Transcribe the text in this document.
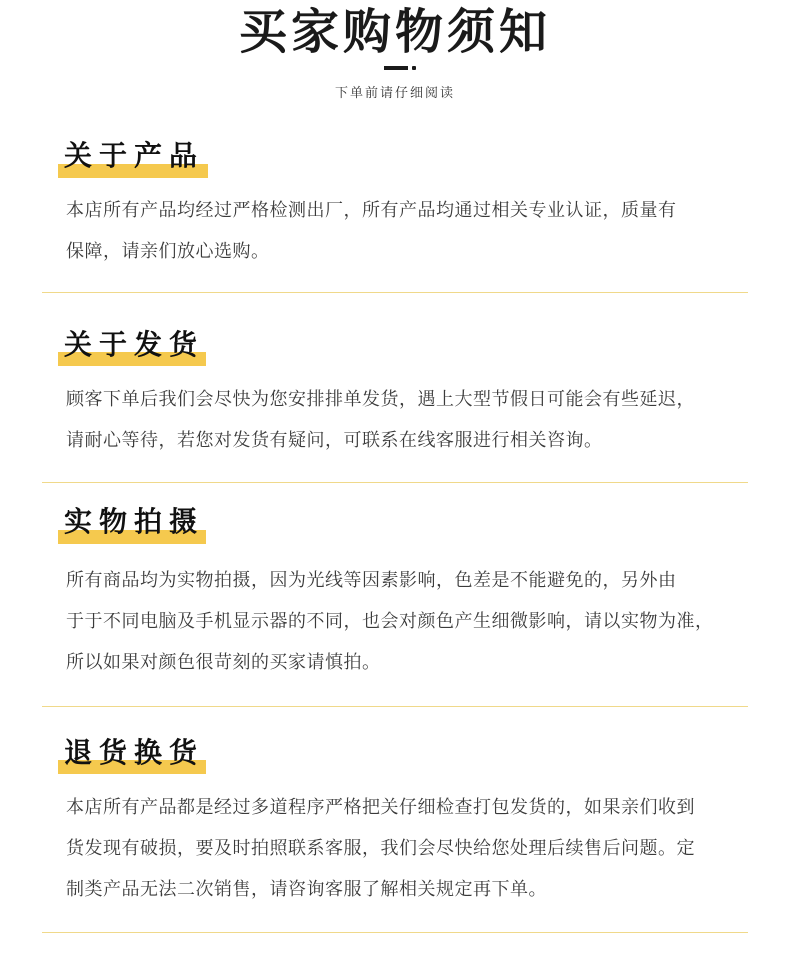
买家购物须知
下单前请仔细阅读
关于产品
本店所有产品均经过严格检测出厂，所有产品均通过相关专业认证，质量有
保障，请亲们放心选购。
关于发货
顾客下单后我们会尽快为您安排排单发货，遇上大型节假日可能会有些延迟，
请耐心等待，若您对发货有疑问，可联系在线客服进行相关咨询。
实物拍摄
所有商品均为实物拍摄，因为光线等因素影响，色差是不能避免的，另外由
于于不同电脑及手机显示器的不同，也会对颜色产生细微影响，请以实物为准，
所以如果对颜色很苛刻的买家请慎拍。
退货换货
本店所有产品都是经过多道程序严格把关仔细检查打包发货的，如果亲们收到
货发现有破损，要及时拍照联系客服，我们会尽快给您处理后续售后问题。定
制类产品无法二次销售，请咨询客服了解相关规定再下单。
